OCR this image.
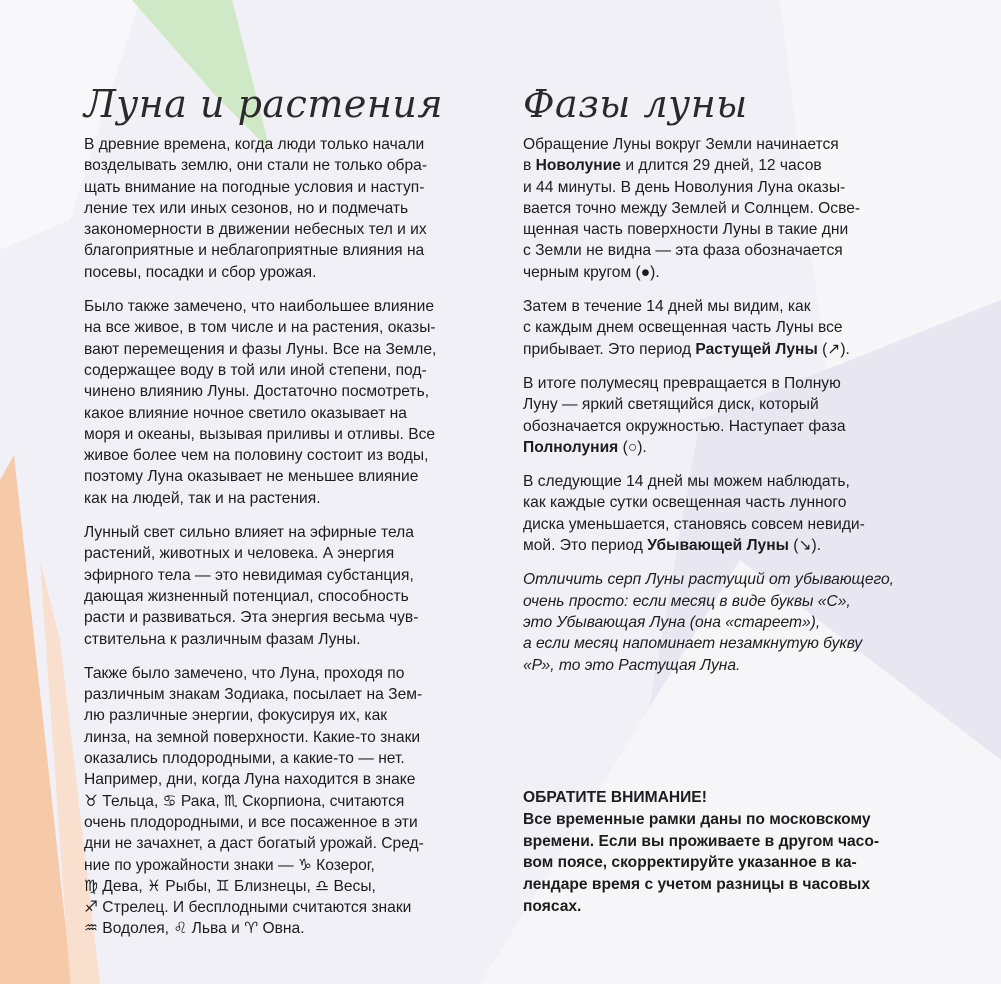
Луна и растения

В древние времена, когда люди только начали
возделывать землю, они стали не только обра-
щать внимание на погодные условия и наступ-
ление тех или иных сезонов, но и подмечать
закономерности в движении небесных тел и их
благоприятные и неблагоприятные влияния на
посевы, посадки и сбор урожая.

Было также замечено, что наибольшее влияние
на все живое, в том числе и на растения, оказы-
вают перемещения и фазы Луны. Все на Земле,
содержащее воду в той или иной степени, под-
чинено влиянию Луны. Достаточно посмотреть,
какое влияние ночное светило оказывает на
моря и океаны, вызывая приливы и отливы. Все
живое более чем на половину состоит из воды,
поэтому Луна оказывает не меньшее влияние
как на людей, так и на растения.

Лунный свет сильно влияет на эфирные тела
растений, животных и человека. А энергия
эфирного тела — это невидимая субстанция,
дающая жизненный потенциал, способность
расти и развиваться. Эта энергия весьма чув-
ствительна к различным фазам Луны.

Также было замечено, что Луна, проходя по
различным знакам Зодиака, посылает на Зем-
лю различные энергии, фокусируя их, как
линза, на земной поверхности. Какие-то знаки
оказались плодородными, а какие-то — нет.
Например, дни, когда Луна находится в знаке
♉ Тельца, ♋ Рака, ♏ Скорпиона, считаются
очень плодородными, и все посаженное в эти
дни не зачахнет, а даст богатый урожай. Сред-
ние по урожайности знаки — ♑ Козерог,
♍ Дева, ♓ Рыбы, ♊ Близнецы, ♎ Весы,
♐ Стрелец. И бесплодными считаются знаки
♒ Водолея, ♌ Льва и ♈ Овна.

Фазы луны

Обращение Луны вокруг Земли начинается
в Новолуние и длится 29 дней, 12 часов
и 44 минуты. В день Новолуния Луна оказы-
вается точно между Землей и Солнцем. Осве-
щенная часть поверхности Луны в такие дни
с Земли не видна — эта фаза обозначается
черным кругом (●).

Затем в течение 14 дней мы видим, как
с каждым днем освещенная часть Луны все
прибывает. Это период Растущей Луны (↗).

В итоге полумесяц превращается в Полную
Луну — яркий светящийся диск, который
обозначается окружностью. Наступает фаза
Полнолуния (○).

В следующие 14 дней мы можем наблюдать,
как каждые сутки освещенная часть лунного
диска уменьшается, становясь совсем невиди-
мой. Это период Убывающей Луны (↘).

Отличить серп Луны растущий от убывающего,
очень просто: если месяц в виде буквы «С»,
это Убывающая Луна (она «стареет»),
а если месяц напоминает незамкнутую букву
«Р», то это Растущая Луна.

ОБРАТИТЕ ВНИМАНИЕ!
Все временные рамки даны по московскому
времени. Если вы проживаете в другом часо-
вом поясе, скорректируйте указанное в ка-
лендаре время с учетом разницы в часовых
поясах.
